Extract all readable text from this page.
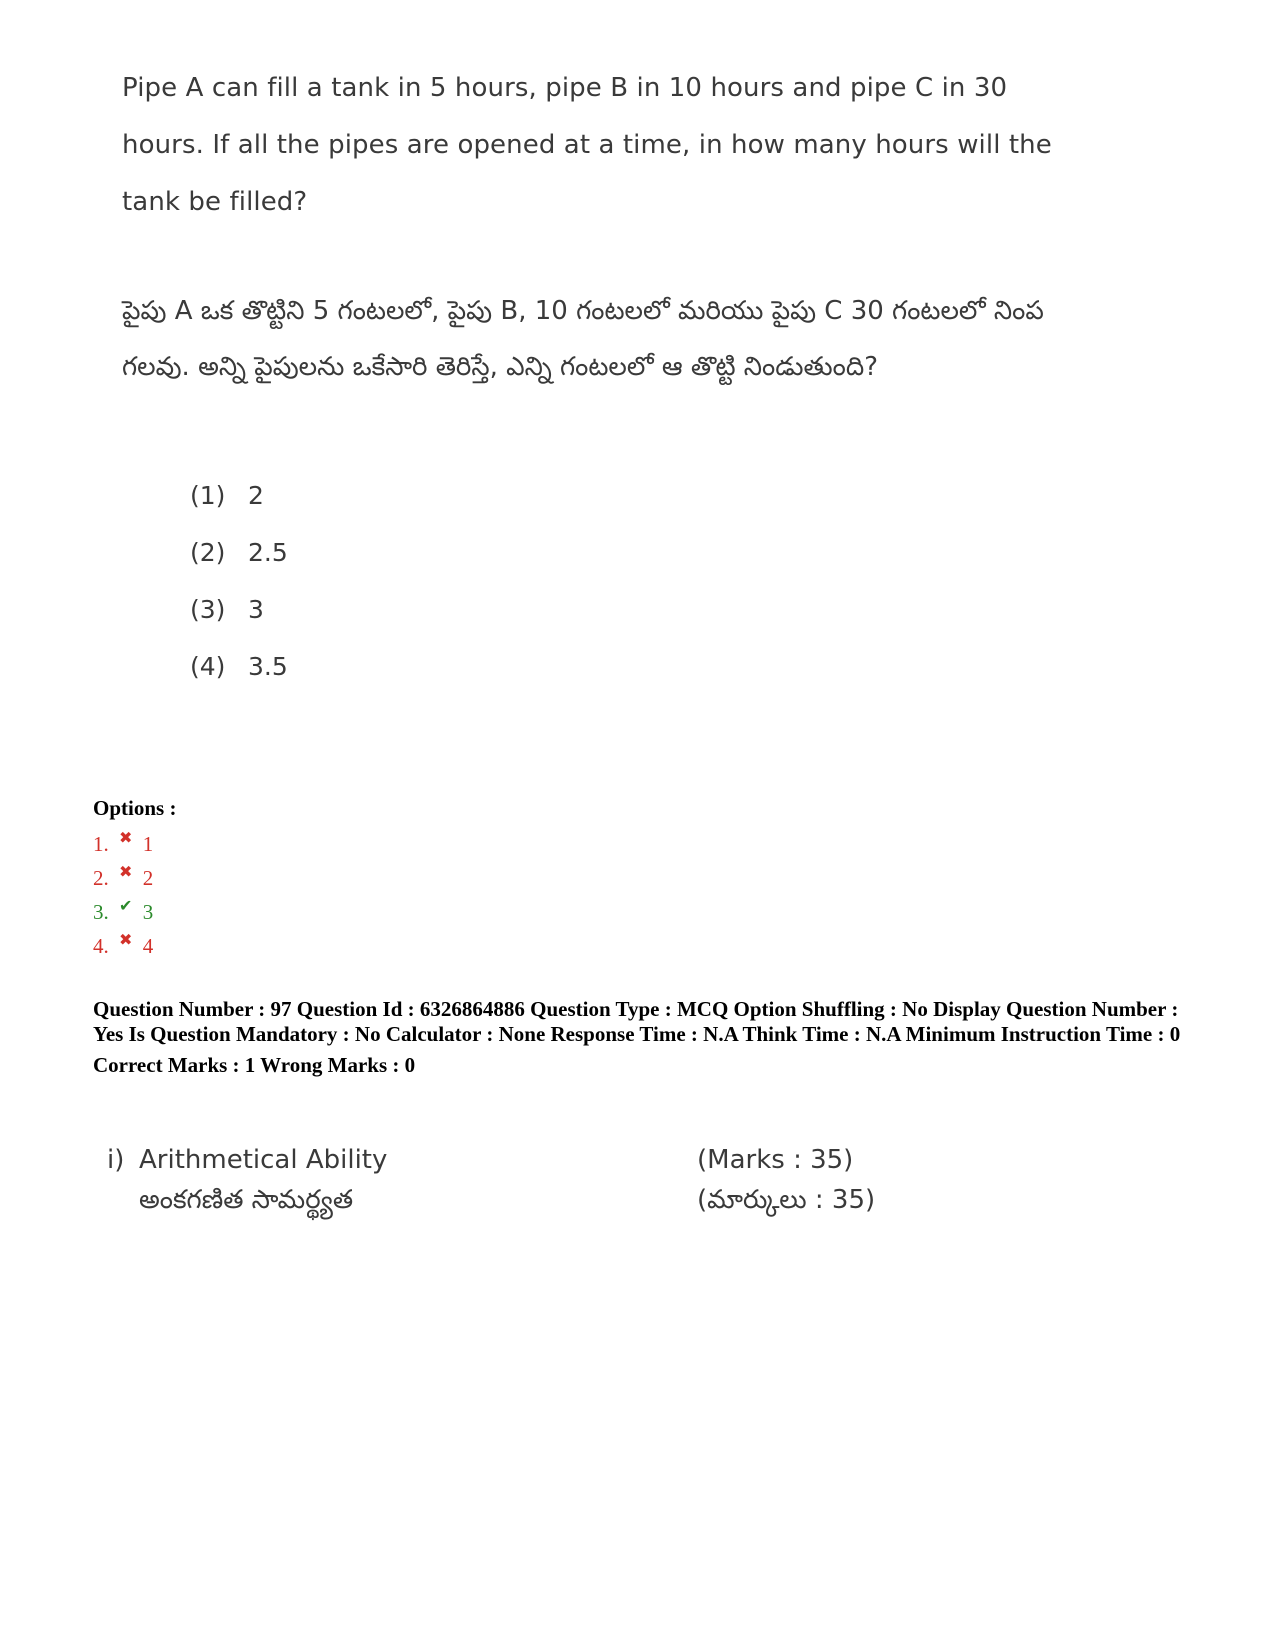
Pipe A can fill a tank in 5 hours, pipe B in 10 hours and pipe C in 30 hours. If all the pipes are opened at a time, in how many hours will the tank be filled?

పైపు A ఒక తొట్టిని 5 గంటలలో, పైపు B, 10 గంటలలో మరియు పైపు C 30 గంటలలో నింప గలవు. అన్ని పైపులను ఒకేసారి తెరిస్తే, ఎన్ని గంటలలో ఆ తొట్టి నిండుతుంది?

(1) 2
(2) 2.5
(3) 3
(4) 3.5
Options :
1. ✖ 1
2. ✖ 2
3. ✔ 3
4. ✖ 4
Question Number : 97 Question Id : 6326864886 Question Type : MCQ Option Shuffling : No Display Question Number : Yes Is Question Mandatory : No Calculator : None Response Time : N.A Think Time : N.A Minimum Instruction Time : 0
Correct Marks : 1 Wrong Marks : 0
i) Arithmetical Ability	(Marks : 35)
అంకగణిత సామర్థ్యత	(మార్కులు : 35)
